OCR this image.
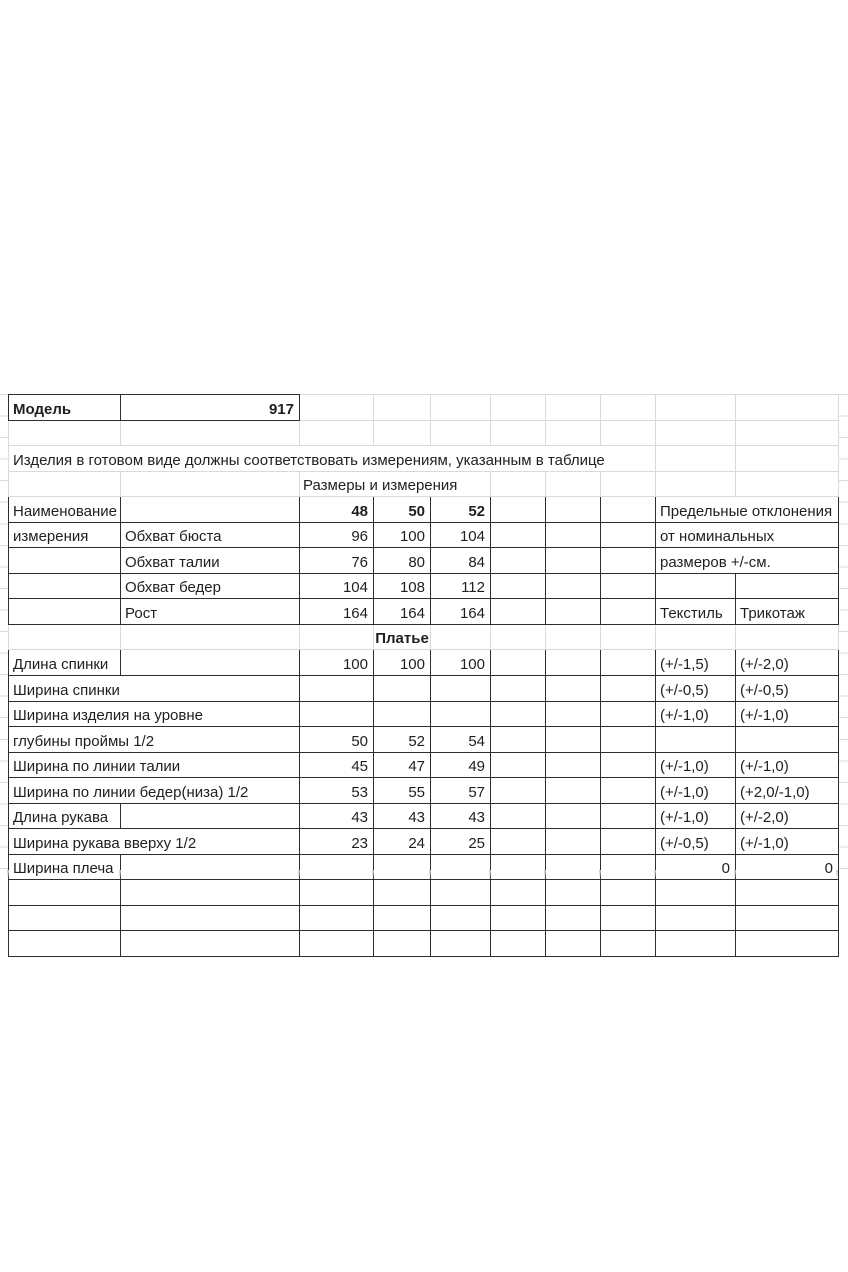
Модель	917								

Изделия в готовом виде должны соответствовать измерениям, указанным в таблице									
		Размеры и измерения							
Наименование		48	50	52				Предельные отклонения	
измерения	Обхват бюста	96	100	104				от номинальных	
	Обхват талии	76	80	84				размеров +/-см.	
	Обхват бедер	104	108	112					
	Рост	164	164	164				Текстиль	Трикотаж
			Платье						
Длина спинки		100	100	100				(+/-1,5)	(+/-2,0)
Ширина спинки								(+/-0,5)	(+/-0,5)
Ширина изделия на уровне								(+/-1,0)	(+/-1,0)
глубины проймы 1/2		50	52	54					
Ширина по линии талии		45	47	49				(+/-1,0)	(+/-1,0)
Ширина по линии бедер(низа) 1/2		53	55	57				(+/-1,0)	(+2,0/-1,0)
Длина рукава		43	43	43				(+/-1,0)	(+/-2,0)
Ширина рукава вверху 1/2		23	24	25				(+/-0,5)	(+/-1,0)
Ширина плеча								0	0
